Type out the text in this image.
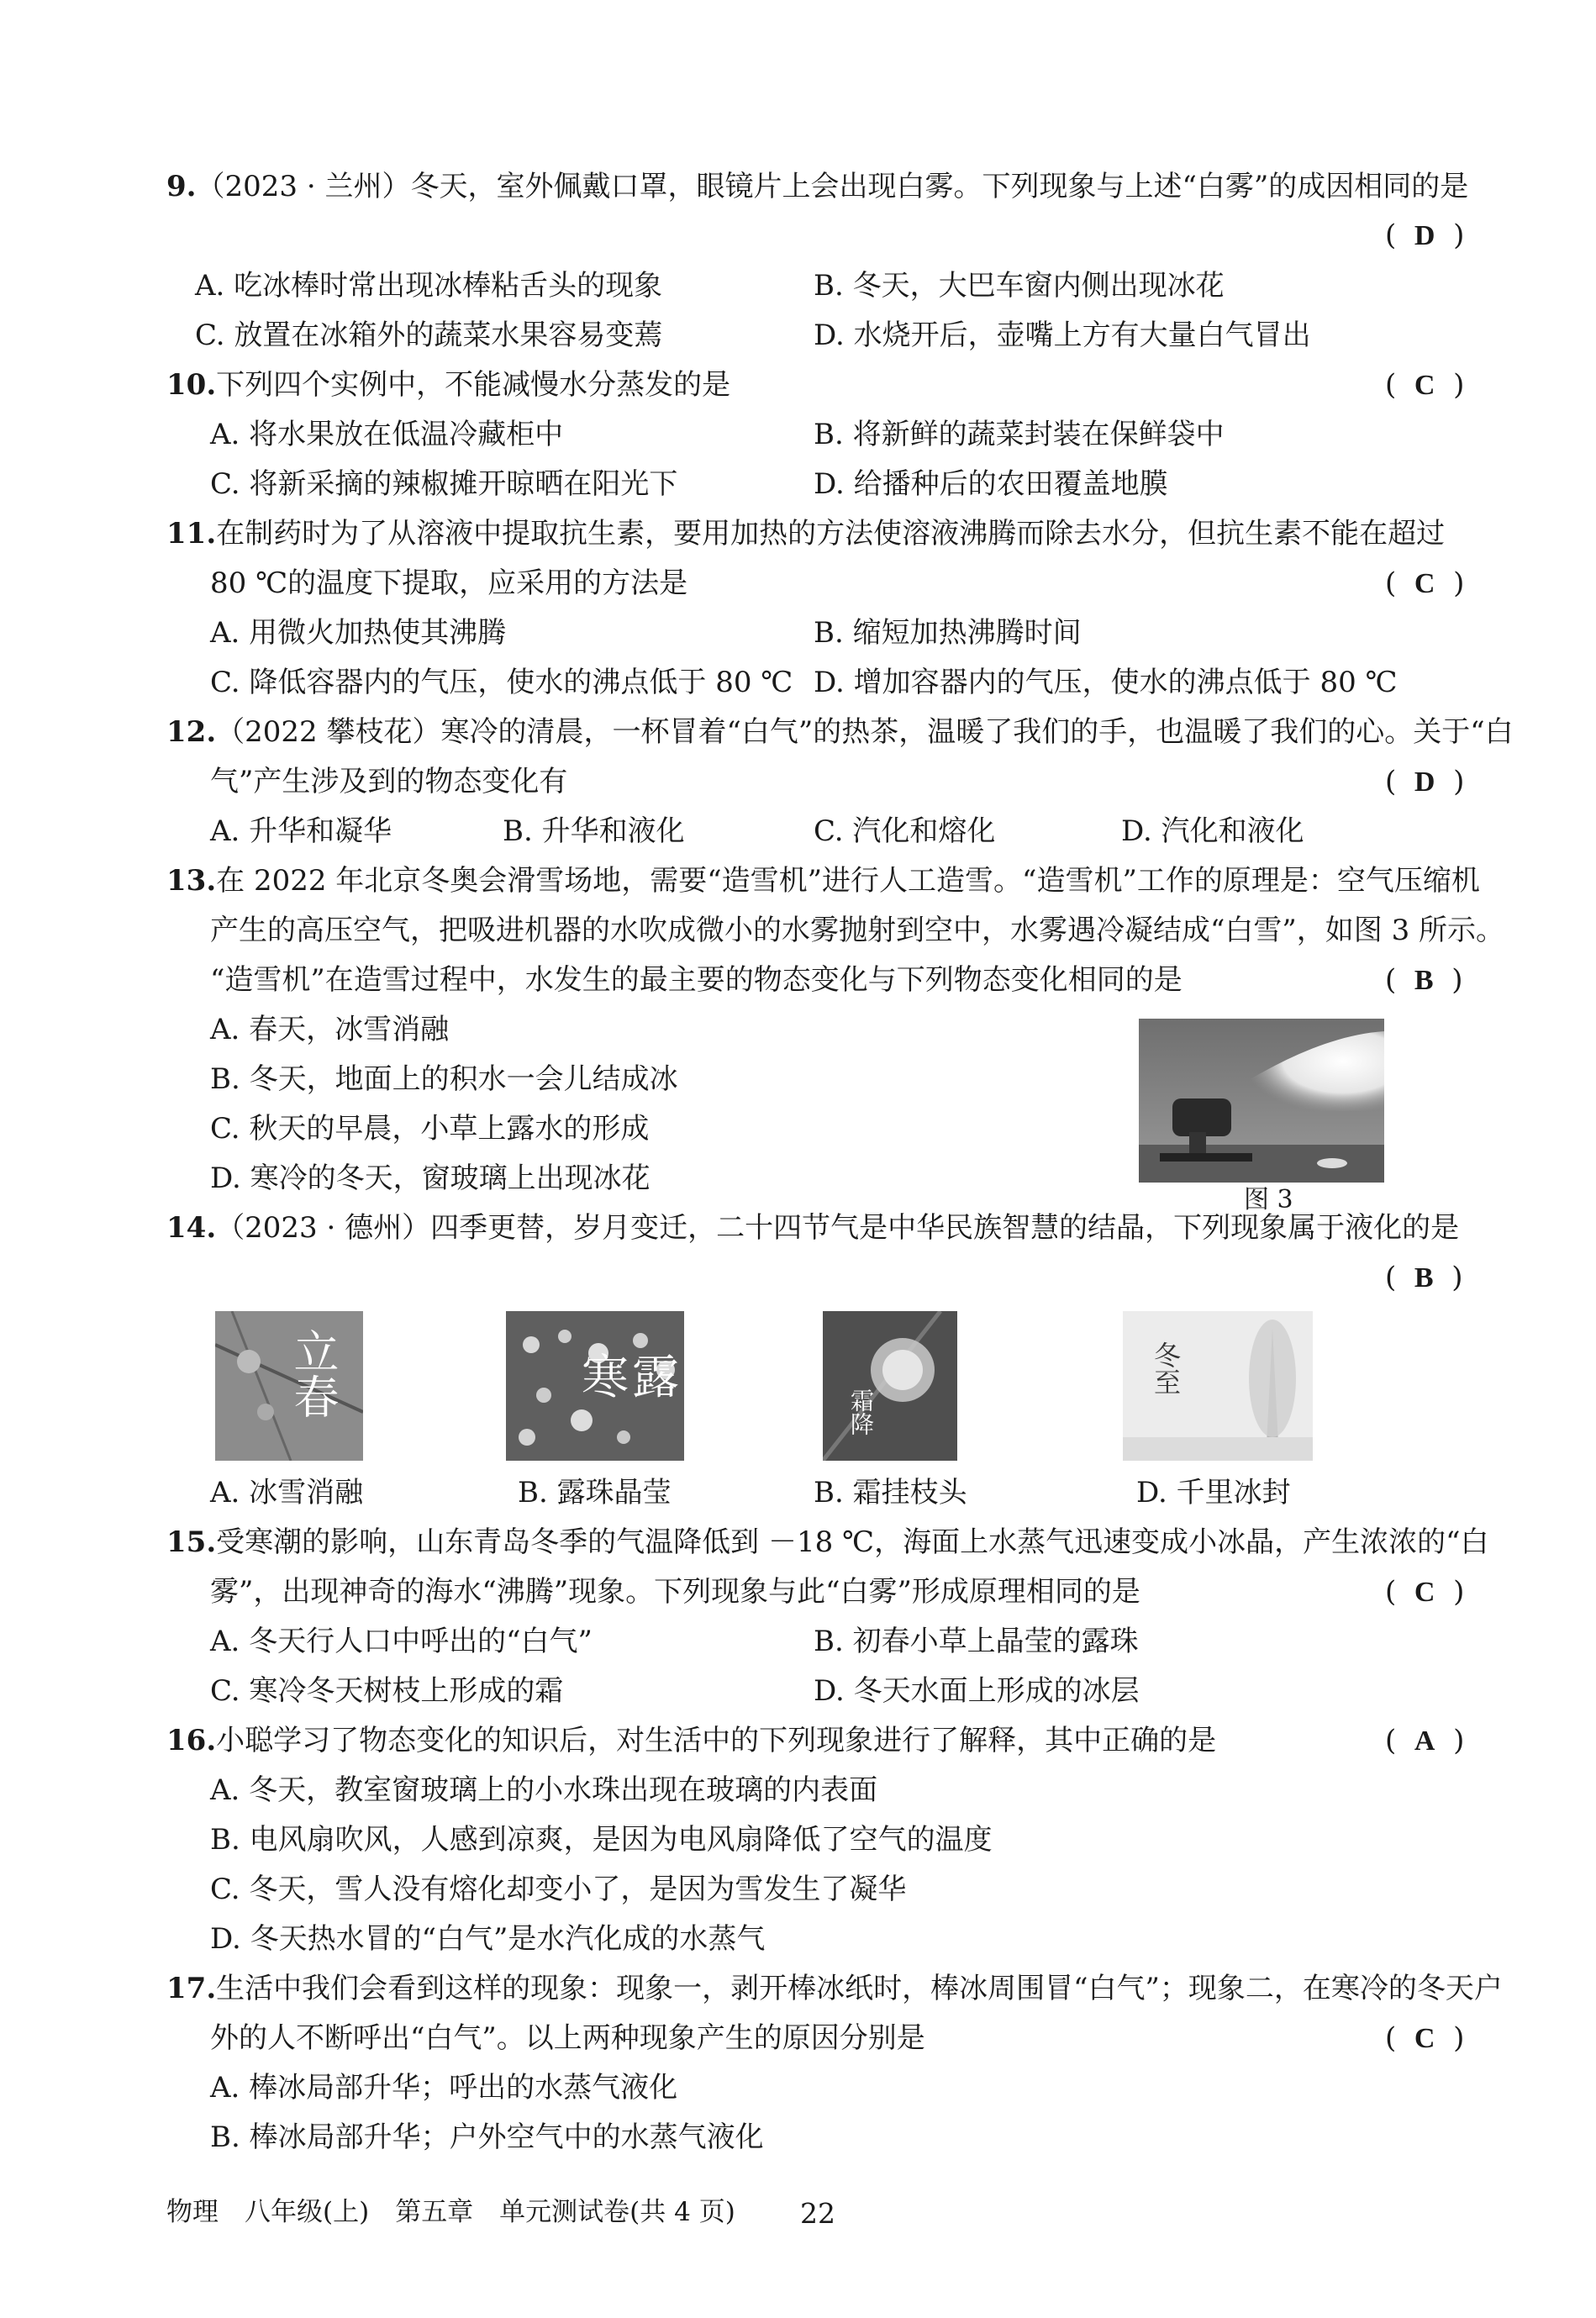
9.（2023 · 兰州）冬天，室外佩戴口罩，眼镜片上会出现白雾。下列现象与上述“白雾”的成因相同的是
(  D  )
A. 吃冰棒时常出现冰棒粘舌头的现象	B. 冬天，大巴车窗内侧出现冰花
C. 放置在冰箱外的蔬菜水果容易变蔫	D. 水烧开后，壶嘴上方有大量白气冒出
10.下列四个实例中，不能减慢水分蒸发的是	(  C  )
A. 将水果放在低温冷藏柜中	B. 将新鲜的蔬菜封装在保鲜袋中
C. 将新采摘的辣椒摊开晾晒在阳光下	D. 给播种后的农田覆盖地膜
11.在制药时为了从溶液中提取抗生素，要用加热的方法使溶液沸腾而除去水分，但抗生素不能在超过
80 ℃的温度下提取，应采用的方法是	(  C  )
A. 用微火加热使其沸腾	B. 缩短加热沸腾时间
C. 降低容器内的气压，使水的沸点低于 80 ℃ D. 增加容器内的气压，使水的沸点低于 80 ℃
12.（2022 攀枝花）寒冷的清晨，一杯冒着“白气”的热茶，温暖了我们的手，也温暖了我们的心。关于“白
气”产生涉及到的物态变化有	(  D  )
A. 升华和凝华	B. 升华和液化	C. 汽化和熔化	D. 汽化和液化
13.在 2022 年北京冬奥会滑雪场地，需要“造雪机”进行人工造雪。“造雪机”工作的原理是：空气压缩机
产生的高压空气，把吸进机器的水吹成微小的水雾抛射到空中，水雾遇冷凝结成“白雪”，如图 3 所示。
“造雪机”在造雪过程中，水发生的最主要的物态变化与下列物态变化相同的是	(  B  )
A. 春天，冰雪消融
B. 冬天，地面上的积水一会儿结成冰
C. 秋天的早晨，小草上露水的形成
D. 寒冷的冬天，窗玻璃上出现冰花
图 3
14.（2023 · 德州）四季更替，岁月变迁，二十四节气是中华民族智慧的结晶，下列现象属于液化的是
(  B  )
立春	寒露
霜降
冬至
A. 冰雪消融	B. 露珠晶莹	B. 霜挂枝头	D. 千里冰封
15.受寒潮的影响，山东青岛冬季的气温降低到 －18 ℃，海面上水蒸气迅速变成小冰晶，产生浓浓的“白
雾”，出现神奇的海水“沸腾”现象。下列现象与此“白雾”形成原理相同的是	(  C  )
A. 冬天行人口中呼出的“白气”	B. 初春小草上晶莹的露珠
C. 寒冷冬天树枝上形成的霜	D. 冬天水面上形成的冰层
16.小聪学习了物态变化的知识后，对生活中的下列现象进行了解释，其中正确的是	(  A  )
A. 冬天，教室窗玻璃上的小水珠出现在玻璃的内表面
B. 电风扇吹风，人感到凉爽，是因为电风扇降低了空气的温度
C. 冬天，雪人没有熔化却变小了，是因为雪发生了凝华
D. 冬天热水冒的“白气”是水汽化成的水蒸气
17.生活中我们会看到这样的现象：现象一，剥开棒冰纸时，棒冰周围冒“白气”；现象二，在寒冷的冬天户
外的人不断呼出“白气”。以上两种现象产生的原因分别是	(  C  )
A. 棒冰局部升华；呼出的水蒸气液化
B. 棒冰局部升华；户外空气中的水蒸气液化
物理　八年级(上)　第五章　单元测试卷(共 4 页) 22
